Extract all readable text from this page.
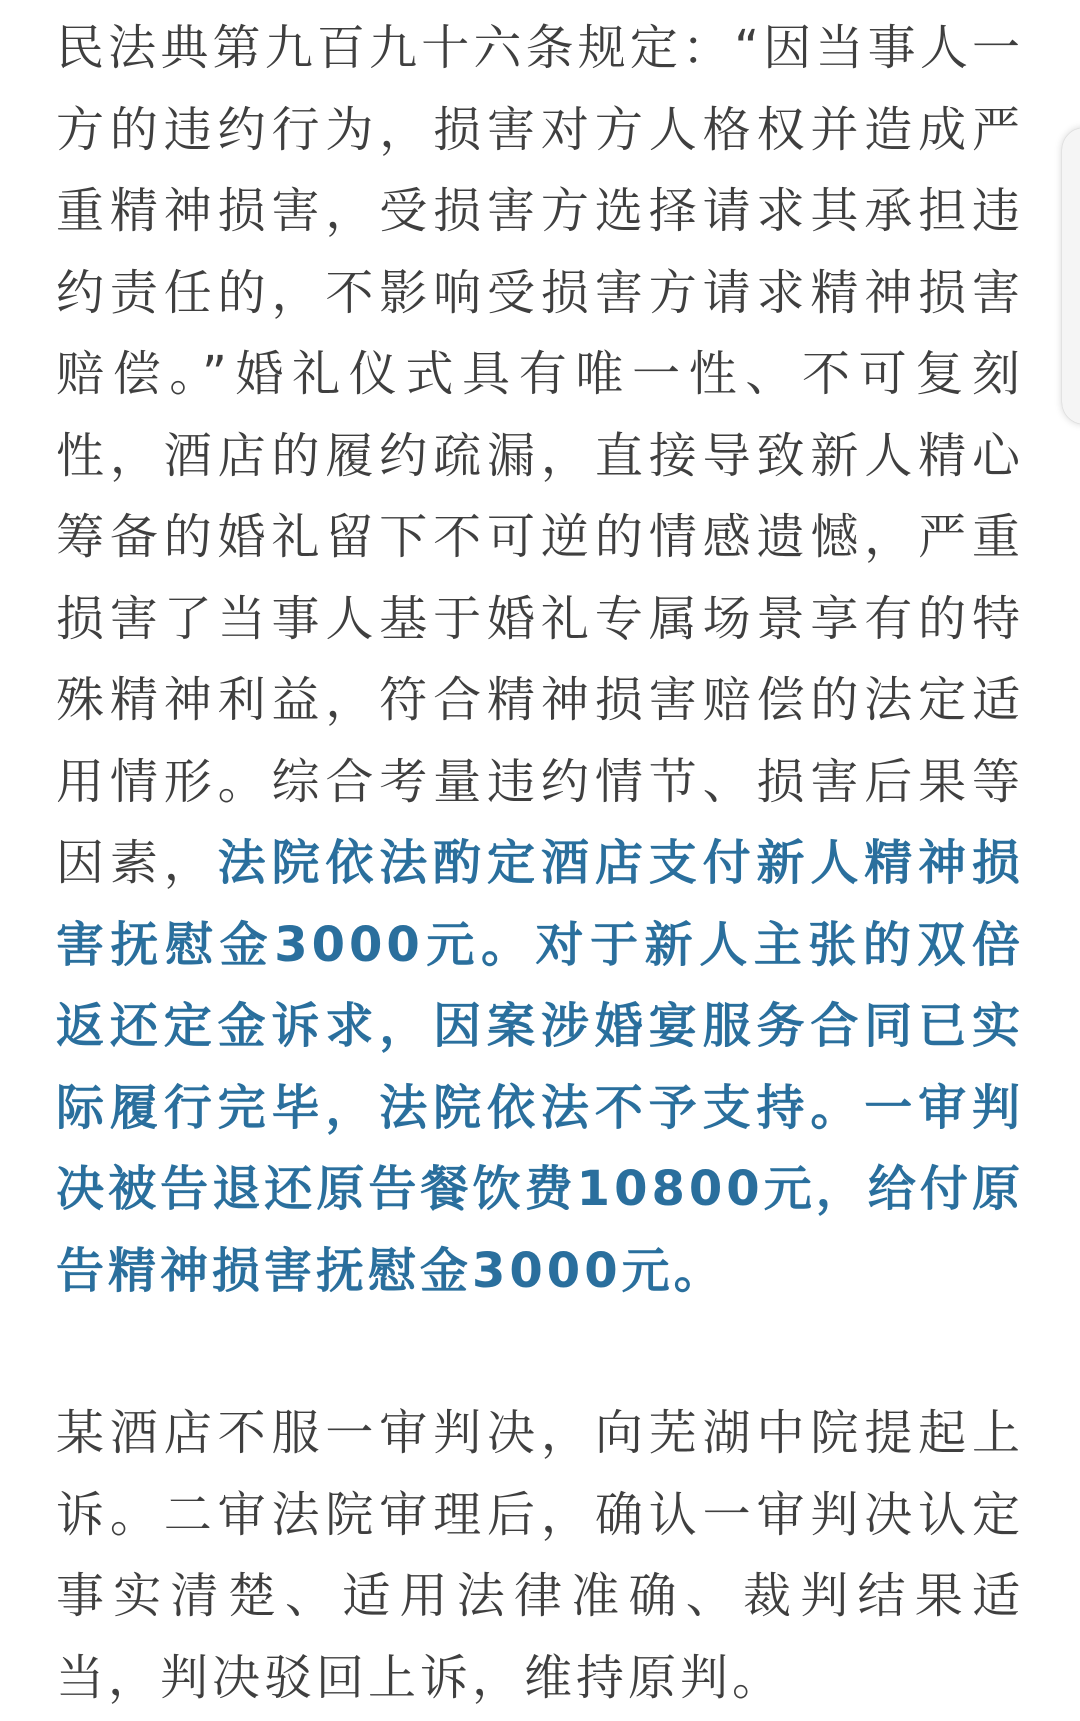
民法典第九百九十六条规定：“因当事人一方的违约行为，损害对方人格权并造成严重精神损害，受损害方选择请求其承担违约责任的，不影响受损害方请求精神损害赔偿。”婚礼仪式具有唯一性、不可复刻性，酒店的履约疏漏，直接导致新人精心筹备的婚礼留下不可逆的情感遗憾，严重损害了当事人基于婚礼专属场景享有的特殊精神利益，符合精神损害赔偿的法定适用情形。综合考量违约情节、损害后果等因素，法院依法酌定酒店支付新人精神损害抚慰金3000元。对于新人主张的双倍返还定金诉求，因案涉婚宴服务合同已实际履行完毕，法院依法不予支持。一审判决被告退还原告餐饮费10800元，给付原告精神损害抚慰金3000元。

某酒店不服一审判决，向芜湖中院提起上诉。二审法院审理后，确认一审判决认定事实清楚、适用法律准确、裁判结果适当，判决驳回上诉，维持原判。
